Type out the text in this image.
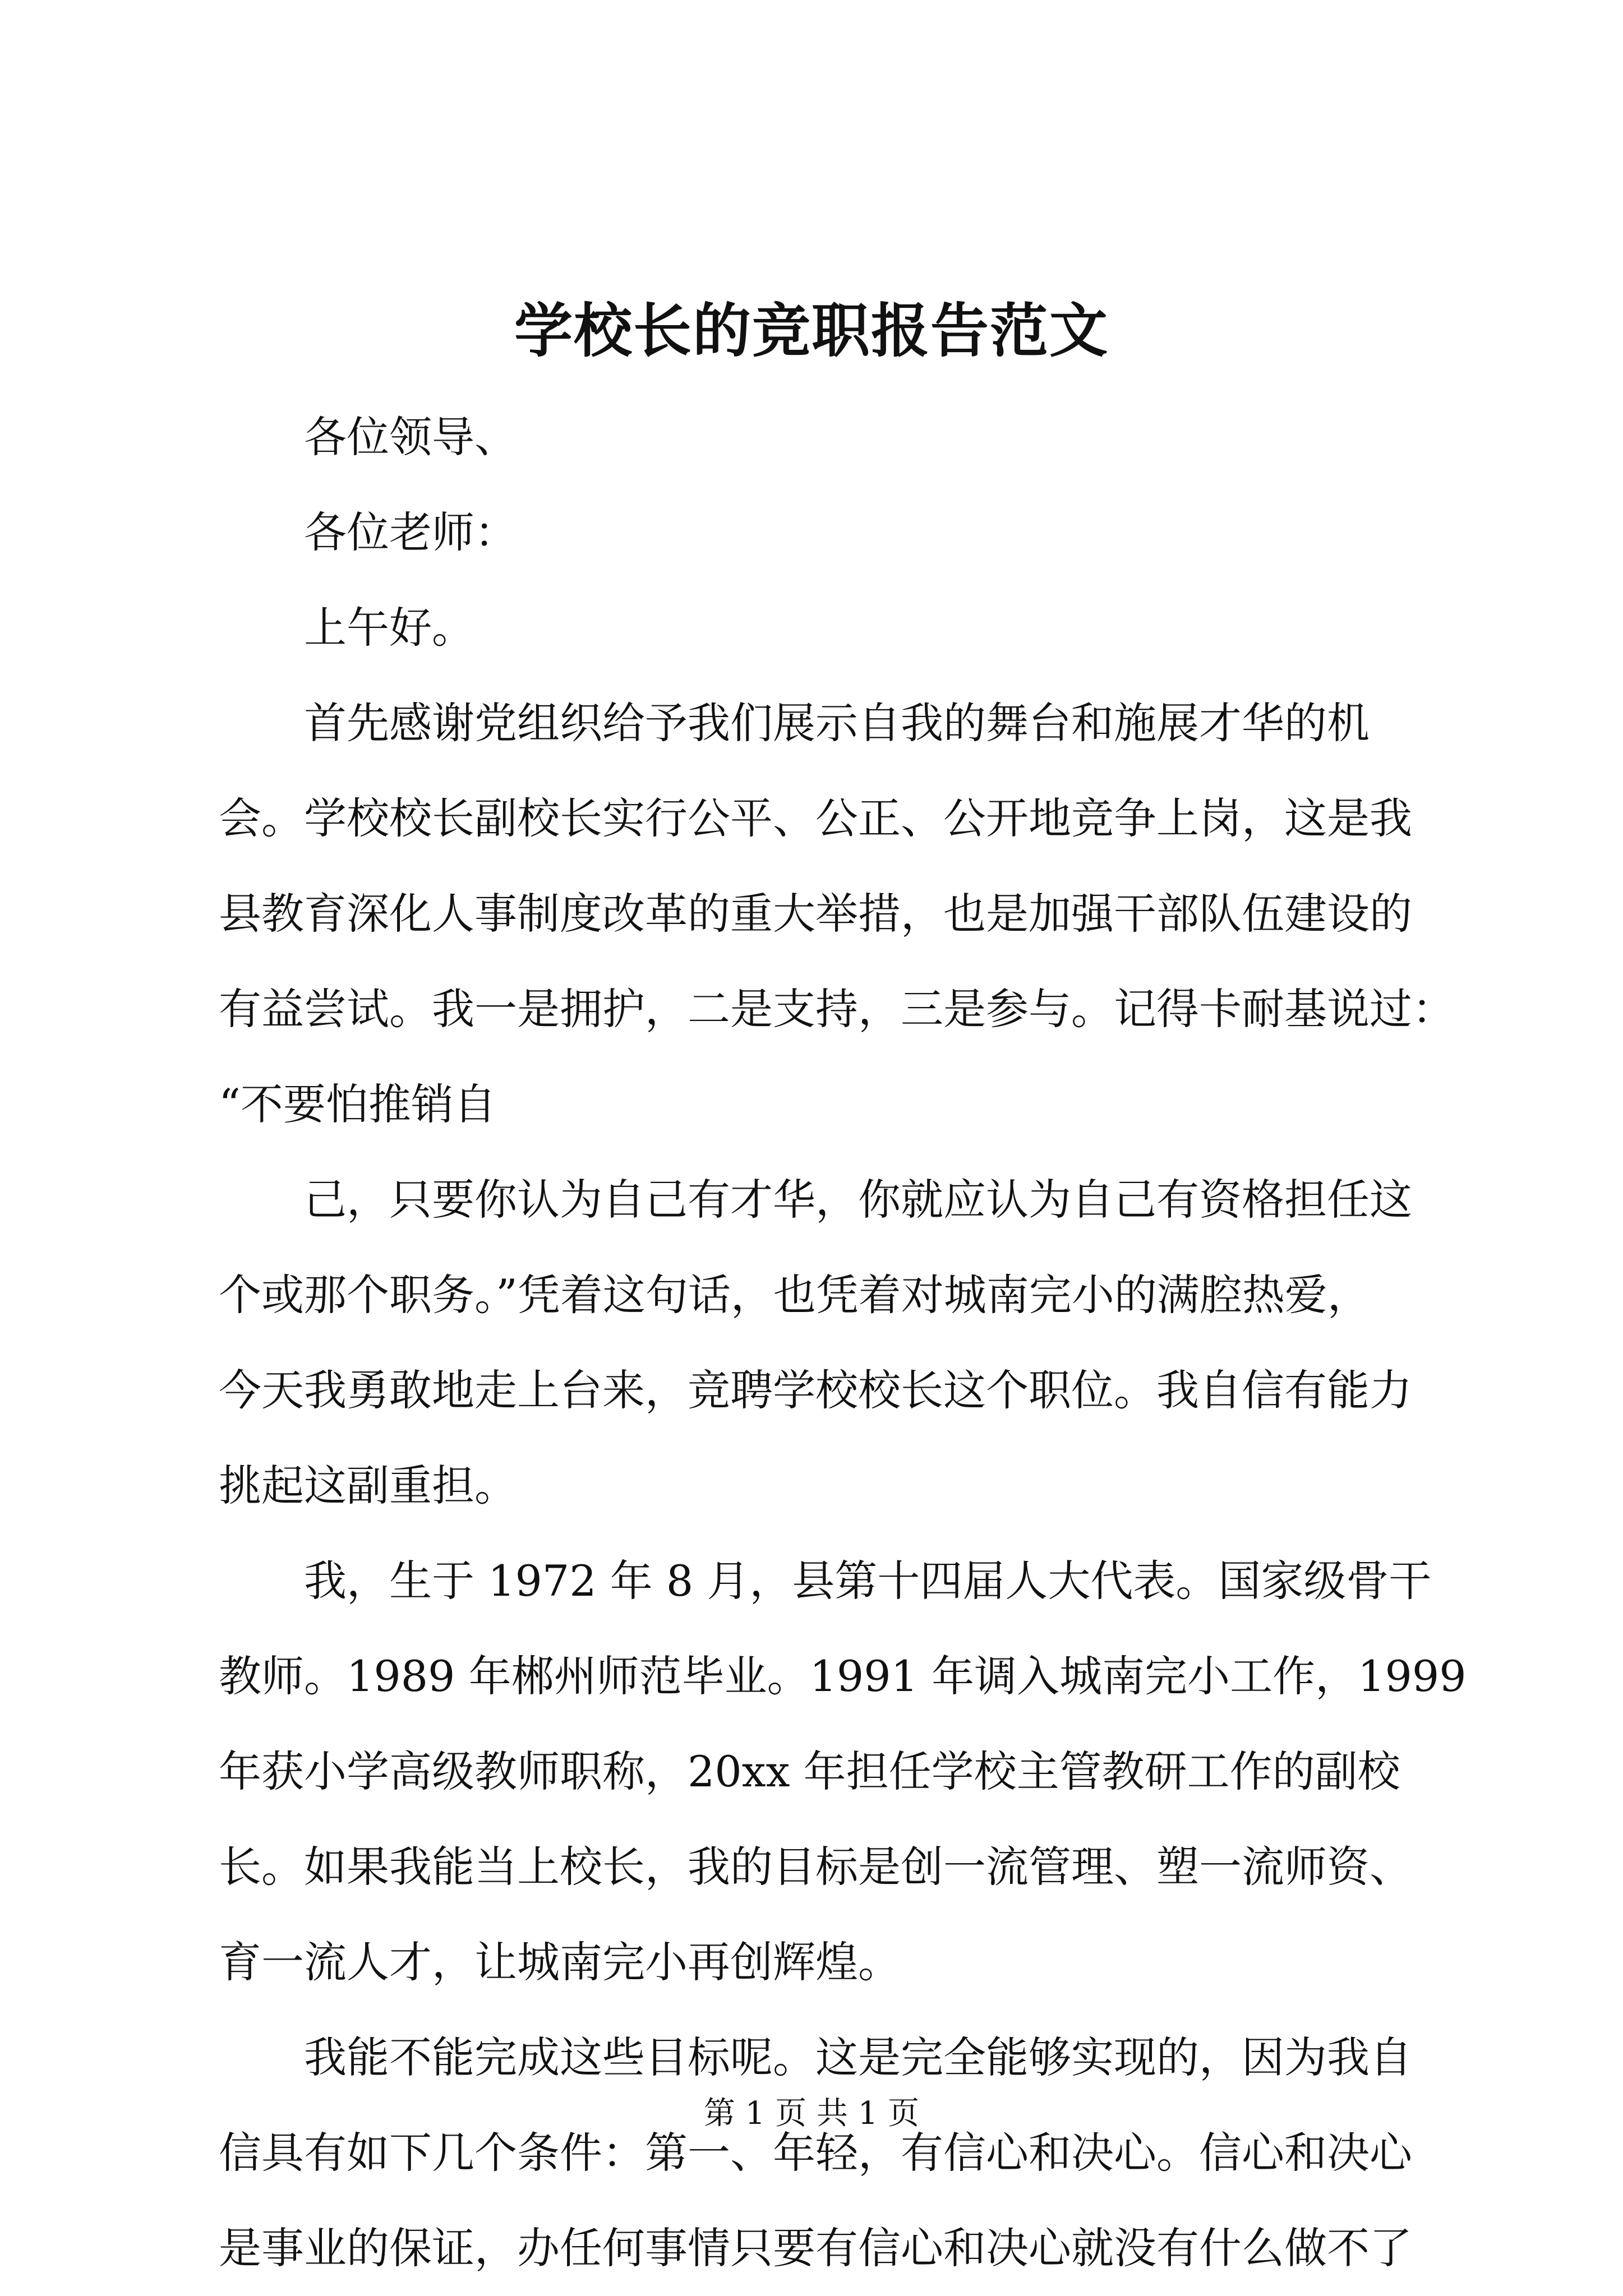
学校长的竞职报告范文
各位领导、
各位老师：
上午好。
首先感谢党组织给予我们展示自我的舞台和施展才华的机
会。学校校长副校长实行公平、公正、公开地竞争上岗，这是我
县教育深化人事制度改革的重大举措，也是加强干部队伍建设的
有益尝试。我一是拥护，二是支持，三是参与。记得卡耐基说过：
“不要怕推销自
己，只要你认为自己有才华，你就应认为自己有资格担任这
个或那个职务。”凭着这句话，也凭着对城南完小的满腔热爱，
今天我勇敢地走上台来，竞聘学校校长这个职位。我自信有能力
挑起这副重担。
我，生于 1972 年 8 月，县第十四届人大代表。国家级骨干
教师。1989 年郴州师范毕业。1991 年调入城南完小工作，1999
年获小学高级教师职称，20xx 年担任学校主管教研工作的副校
长。如果我能当上校长，我的目标是创一流管理、塑一流师资、
育一流人才，让城南完小再创辉煌。
我能不能完成这些目标呢。这是完全能够实现的，因为我自
信具有如下几个条件：第一、年轻，有信心和决心。信心和决心
是事业的保证，办任何事情只要有信心和决心就没有什么做不了
第 1 页 共 1 页
